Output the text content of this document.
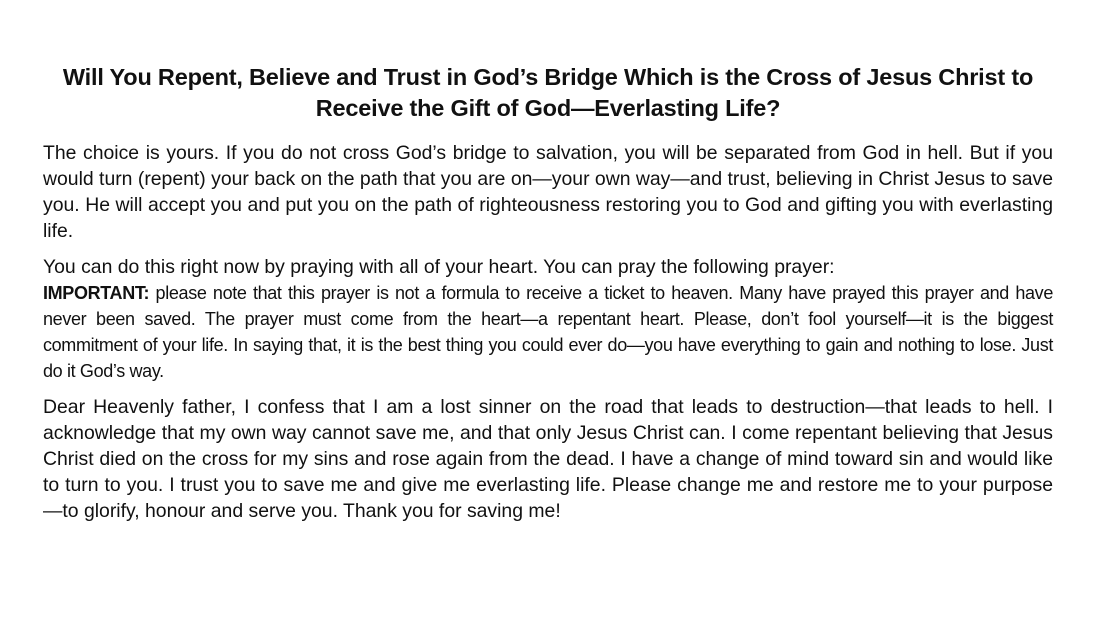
Will You Repent, Believe and Trust in God’s Bridge Which is the Cross of Jesus Christ to Receive the Gift of God—Everlasting Life?

The choice is yours. If you do not cross God’s bridge to salvation, you will be separated from God in hell. But if you would turn (repent) your back on the path that you are on—your own way—and trust, believing in Christ Jesus to save you. He will accept you and put you on the path of righteousness restoring you to God and gifting you with everlasting life.

You can do this right now by praying with all of your heart. You can pray the following prayer:

IMPORTANT: please note that this prayer is not a formula to receive a ticket to heaven. Many have prayed this prayer and have never been saved. The prayer must come from the heart—a repentant heart. Please, don’t fool yourself—it is the biggest commitment of your life. In saying that, it is the best thing you could ever do—you have everything to gain and nothing to lose. Just do it God’s way.

Dear Heavenly father, I confess that I am a lost sinner on the road that leads to destruction—that leads to hell. I acknowledge that my own way cannot save me, and that only Jesus Christ can. I come repentant believing that Jesus Christ died on the cross for my sins and rose again from the dead. I have a change of mind toward sin and would like to turn to you. I trust you to save me and give me everlasting life. Please change me and restore me to your purpose—to glorify, honour and serve you. Thank you for saving me!
